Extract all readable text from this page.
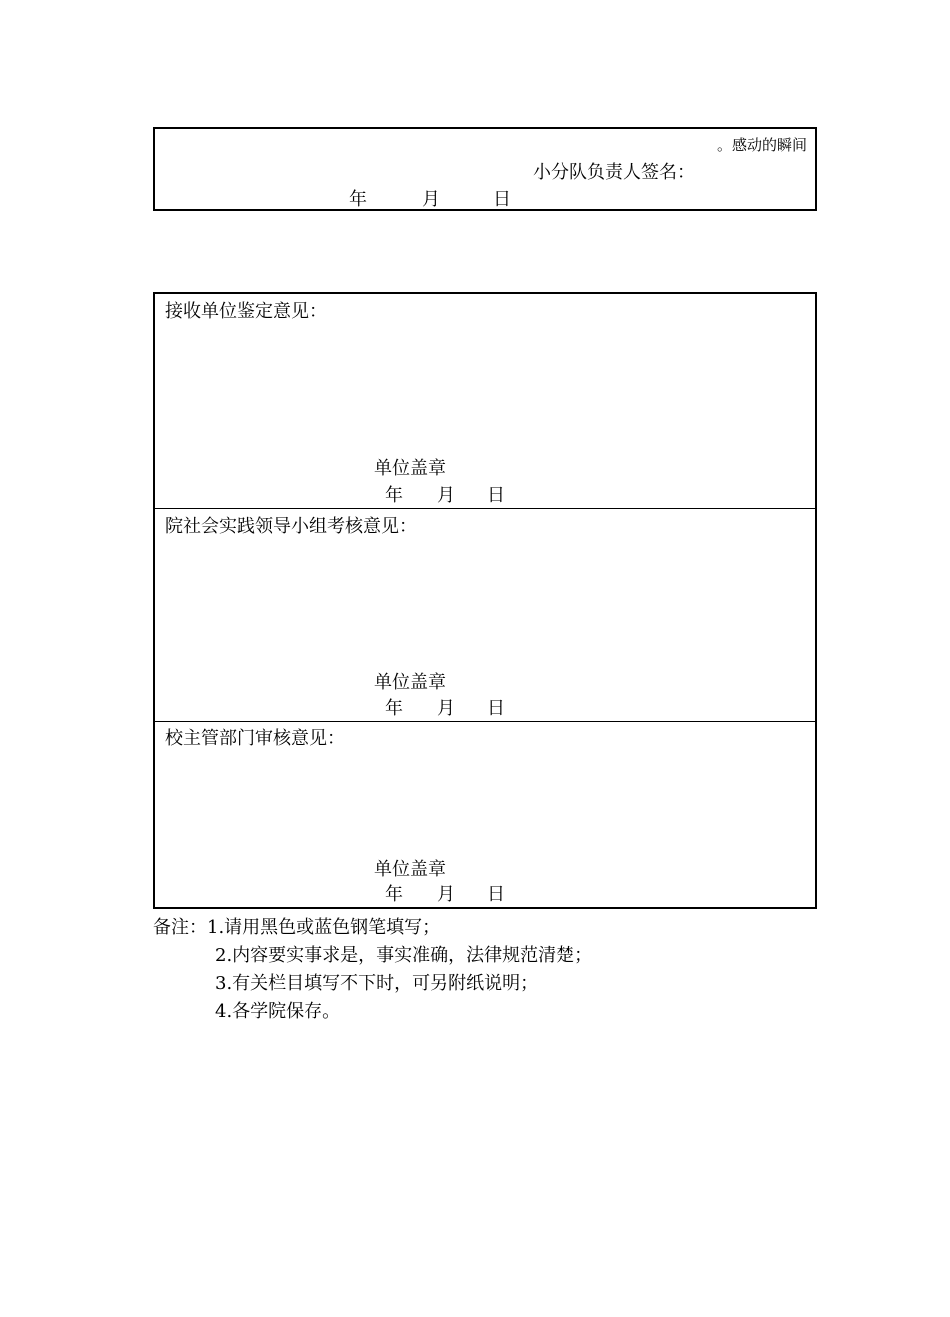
。感动的瞬间
小分队负责人签名：
年	月	日
接收单位鉴定意见：
单位盖章
年 月 日
院社会实践领导小组考核意见：
单位盖章
年 月 日
校主管部门审核意见：
单位盖章
年 月 日
备注：1.请用黑色或蓝色钢笔填写；
2.内容要实事求是，事实准确，法律规范清楚；
3.有关栏目填写不下时，可另附纸说明；
4.各学院保存。
